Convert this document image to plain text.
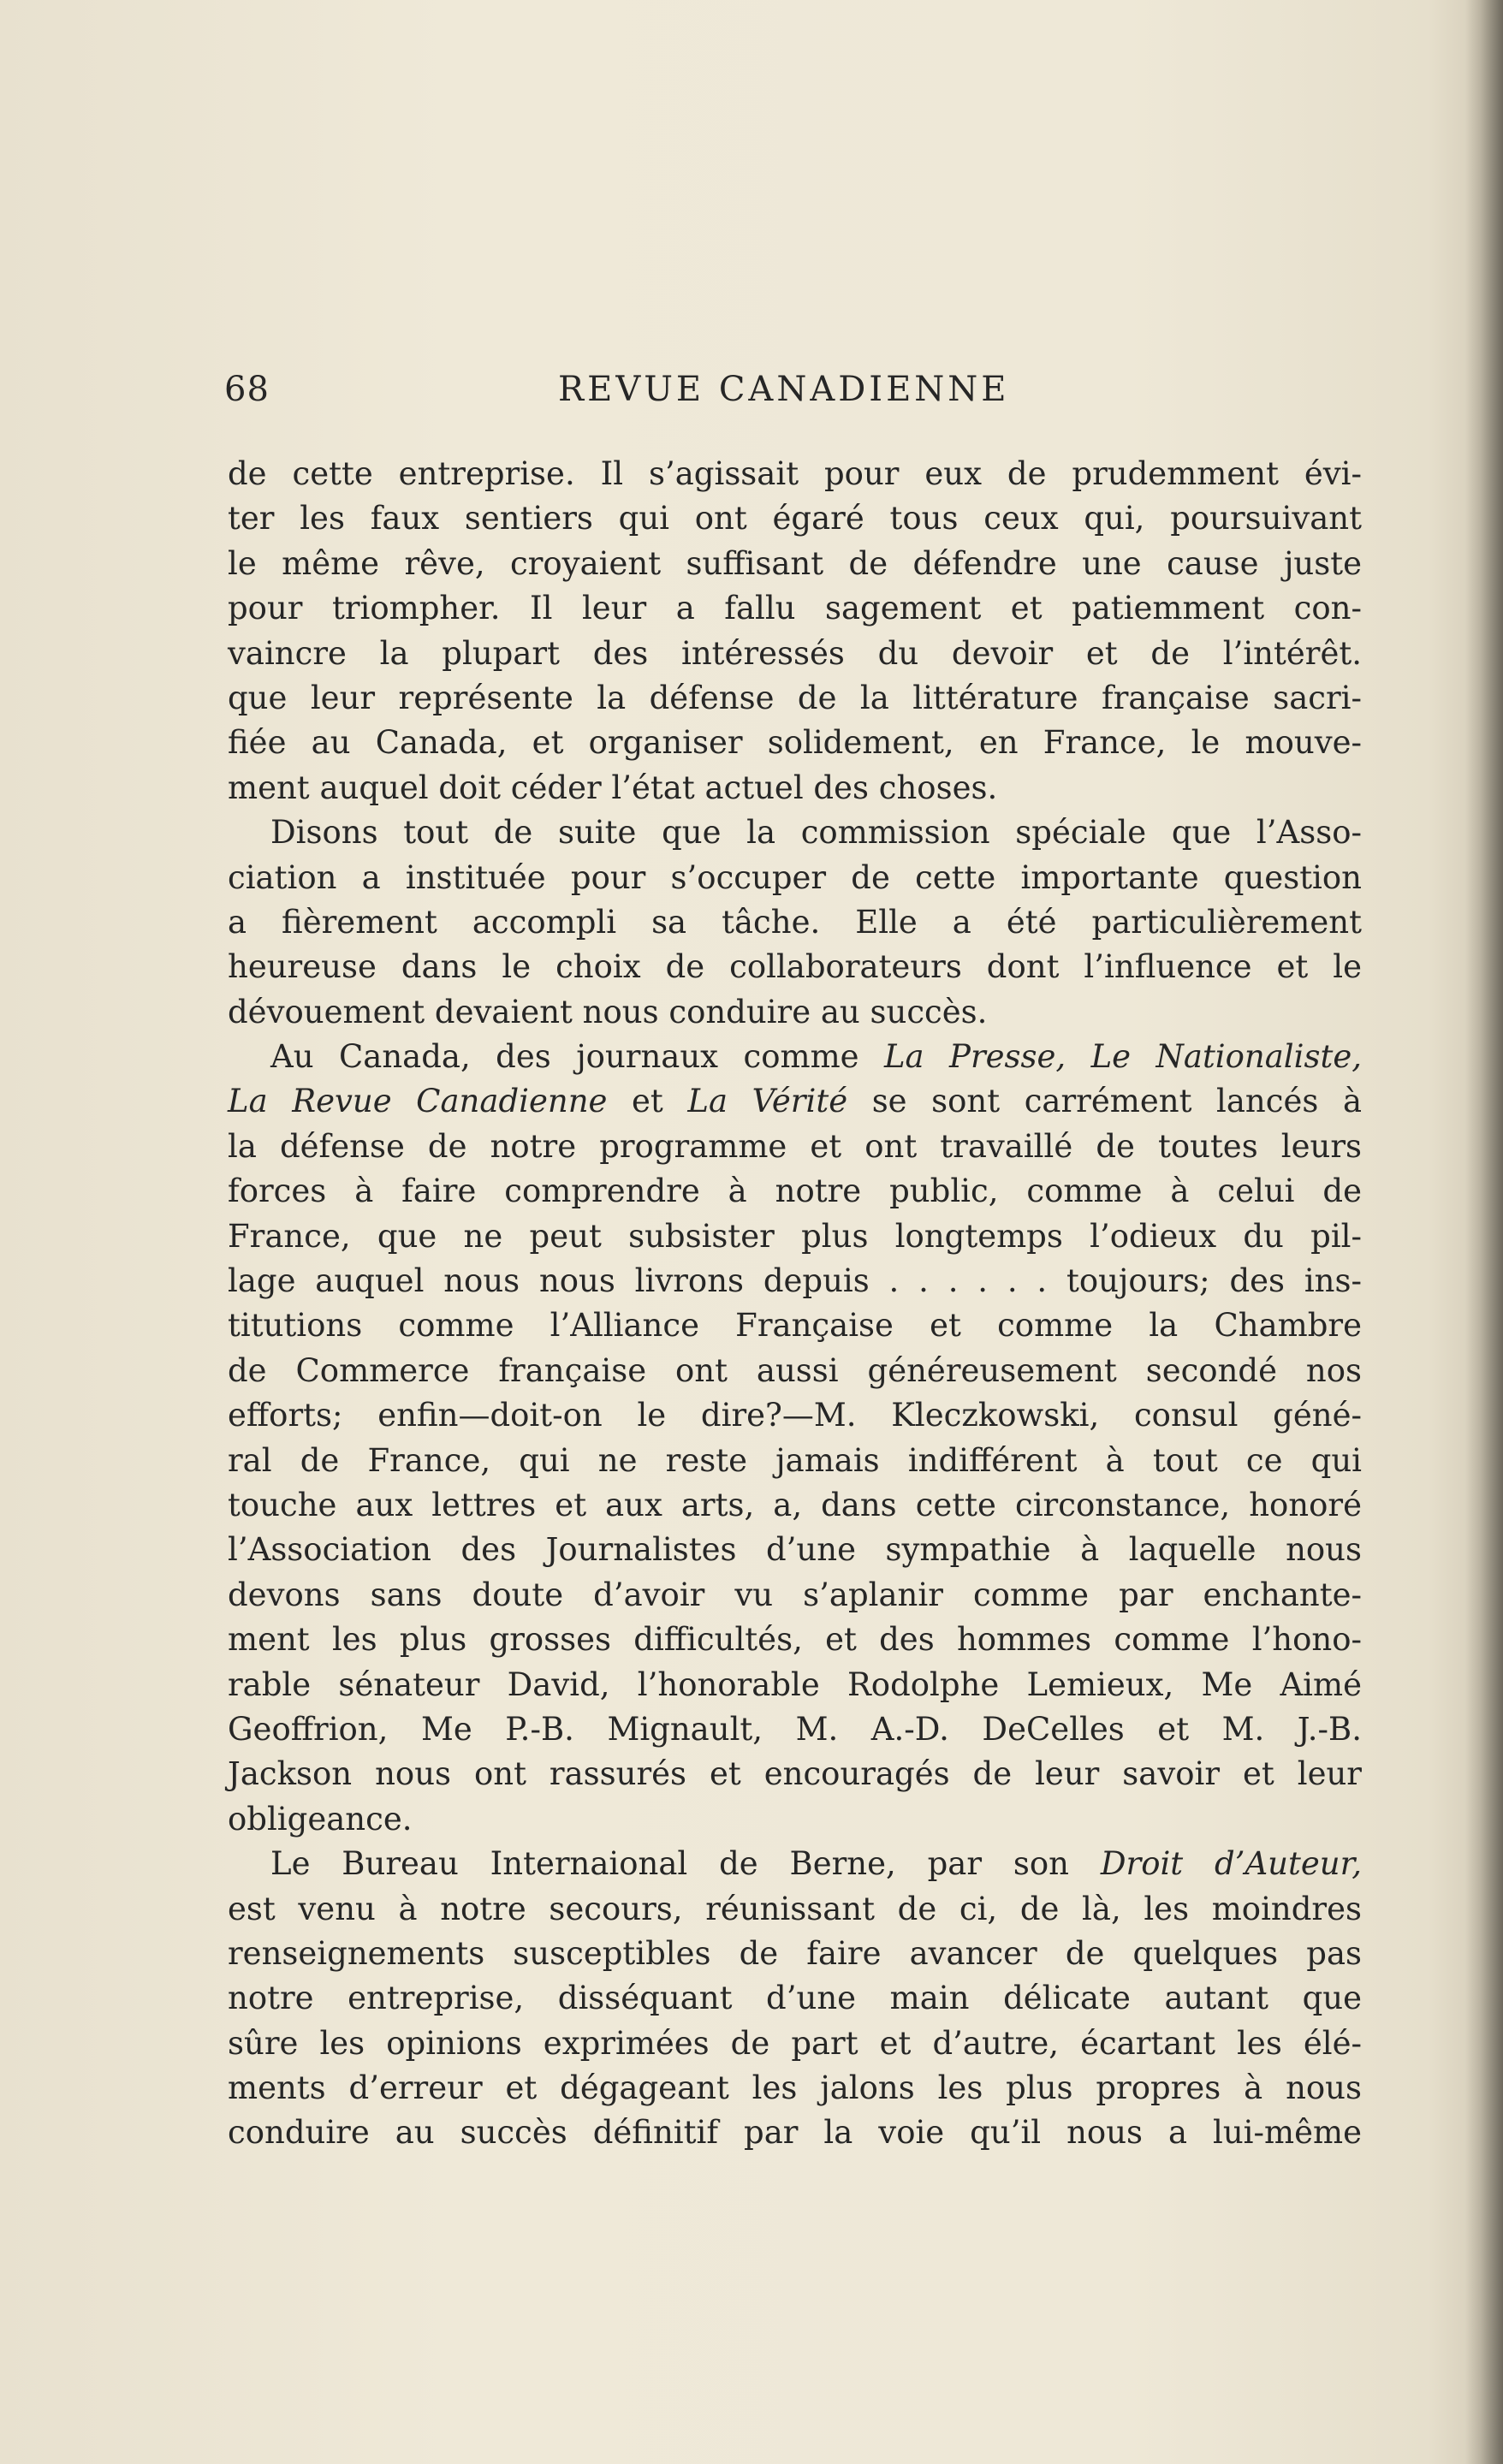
68	REVUE CANADIENNE
de cette entreprise. Il s’agissait pour eux de prudemment évi-
ter les faux sentiers qui ont égaré tous ceux qui, poursuivant
le même rêve, croyaient suffisant de défendre une cause juste
pour triompher. Il leur a fallu sagement et patiemment con-
vaincre la plupart des intéressés du devoir et de l’intérêt.
que leur représente la défense de la littérature française sacri-
fiée au Canada, et organiser solidement, en France, le mouve-
ment auquel doit céder l’état actuel des choses.
Disons tout de suite que la commission spéciale que l’Asso-
ciation a instituée pour s’occuper de cette importante question
a fièrement accompli sa tâche. Elle a été particulièrement
heureuse dans le choix de collaborateurs dont l’influence et le
dévouement devaient nous conduire au succès.
Au Canada, des journaux comme La Presse, Le Nationaliste,
La Revue Canadienne et La Vérité se sont carrément lancés à
la défense de notre programme et ont travaillé de toutes leurs
forces à faire comprendre à notre public, comme à celui de
France, que ne peut subsister plus longtemps l’odieux du pil-
lage auquel nous nous livrons depuis . . . . . . toujours; des ins-
titutions comme l’Alliance Française et comme la Chambre
de Commerce française ont aussi généreusement secondé nos
efforts; enfin—doit-on le dire?—M. Kleczkowski, consul géné-
ral de France, qui ne reste jamais indifférent à tout ce qui
touche aux lettres et aux arts, a, dans cette circonstance, honoré
l’Association des Journalistes d’une sympathie à laquelle nous
devons sans doute d’avoir vu s’aplanir comme par enchante-
ment les plus grosses difficultés, et des hommes comme l’hono-
rable sénateur David, l’honorable Rodolphe Lemieux, Me Aimé
Geoffrion, Me P.-B. Mignault, M. A.-D. DeCelles et M. J.-B.
Jackson nous ont rassurés et encouragés de leur savoir et leur
obligeance.
Le Bureau Internaional de Berne, par son Droit d’Auteur,
est venu à notre secours, réunissant de ci, de là, les moindres
renseignements susceptibles de faire avancer de quelques pas
notre entreprise, disséquant d’une main délicate autant que
sûre les opinions exprimées de part et d’autre, écartant les élé-
ments d’erreur et dégageant les jalons les plus propres à nous
conduire au succès définitif par la voie qu’il nous a lui-même
